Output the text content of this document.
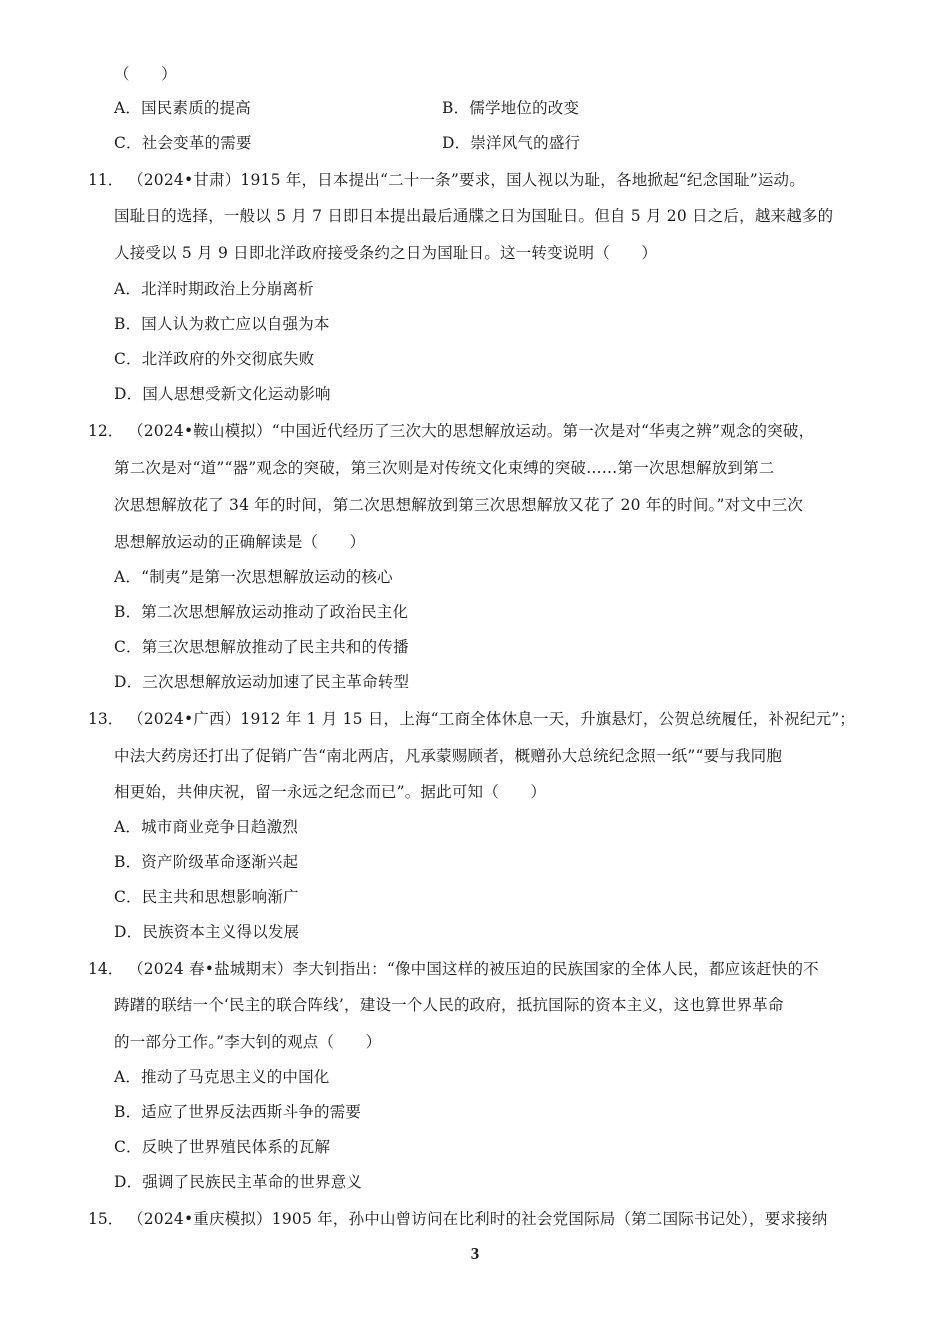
（　　）
A．国民素质的提高	B．儒学地位的改变
C．社会变革的需要	D．崇洋风气的盛行
11． （2024•甘肃）1915 年，日本提出“二十一条”要求，国人视以为耻，各地掀起“纪念国耻”运动。
国耻日的选择，一般以 5 月 7 日即日本提出最后通牒之日为国耻日。但自 5 月 20 日之后，越来越多的
人接受以 5 月 9 日即北洋政府接受条约之日为国耻日。这一转变说明（　　）
A．北洋时期政治上分崩离析
B．国人认为救亡应以自强为本
C．北洋政府的外交彻底失败
D．国人思想受新文化运动影响
12． （2024•鞍山模拟）“中国近代经历了三次大的思想解放运动。第一次是对“华夷之辨”观念的突破，
第二次是对“道”“器”观念的突破，第三次则是对传统文化束缚的突破……第一次思想解放到第二
次思想解放花了 34 年的时间，第二次思想解放到第三次思想解放又花了 20 年的时间。”对文中三次
思想解放运动的正确解读是（　　）
A．“制夷”是第一次思想解放运动的核心
B．第二次思想解放运动推动了政治民主化
C．第三次思想解放推动了民主共和的传播
D．三次思想解放运动加速了民主革命转型
13． （2024•广西）1912 年 1 月 15 日，上海“工商全体休息一天，升旗悬灯，公贺总统履任，补祝纪元”；
中法大药房还打出了促销广告“南北两店，凡承蒙赐顾者，概赠孙大总统纪念照一纸”“要与我同胞
相更始，共伸庆祝，留一永远之纪念而已”。据此可知（　　）
A．城市商业竞争日趋激烈
B．资产阶级革命逐渐兴起
C．民主共和思想影响渐广
D．民族资本主义得以发展
14． （2024 春•盐城期末）李大钊指出：“像中国这样的被压迫的民族国家的全体人民，都应该赶快的不
踌躇的联结一个‘民主的联合阵线’，建设一个人民的政府，抵抗国际的资本主义，这也算世界革命
的一部分工作。”李大钊的观点（　　）
A．推动了马克思主义的中国化
B．适应了世界反法西斯斗争的需要
C．反映了世界殖民体系的瓦解
D．强调了民族民主革命的世界意义
15． （2024•重庆模拟）1905 年，孙中山曾访问在比利时的社会党国际局（第二国际书记处），要求接纳
3
